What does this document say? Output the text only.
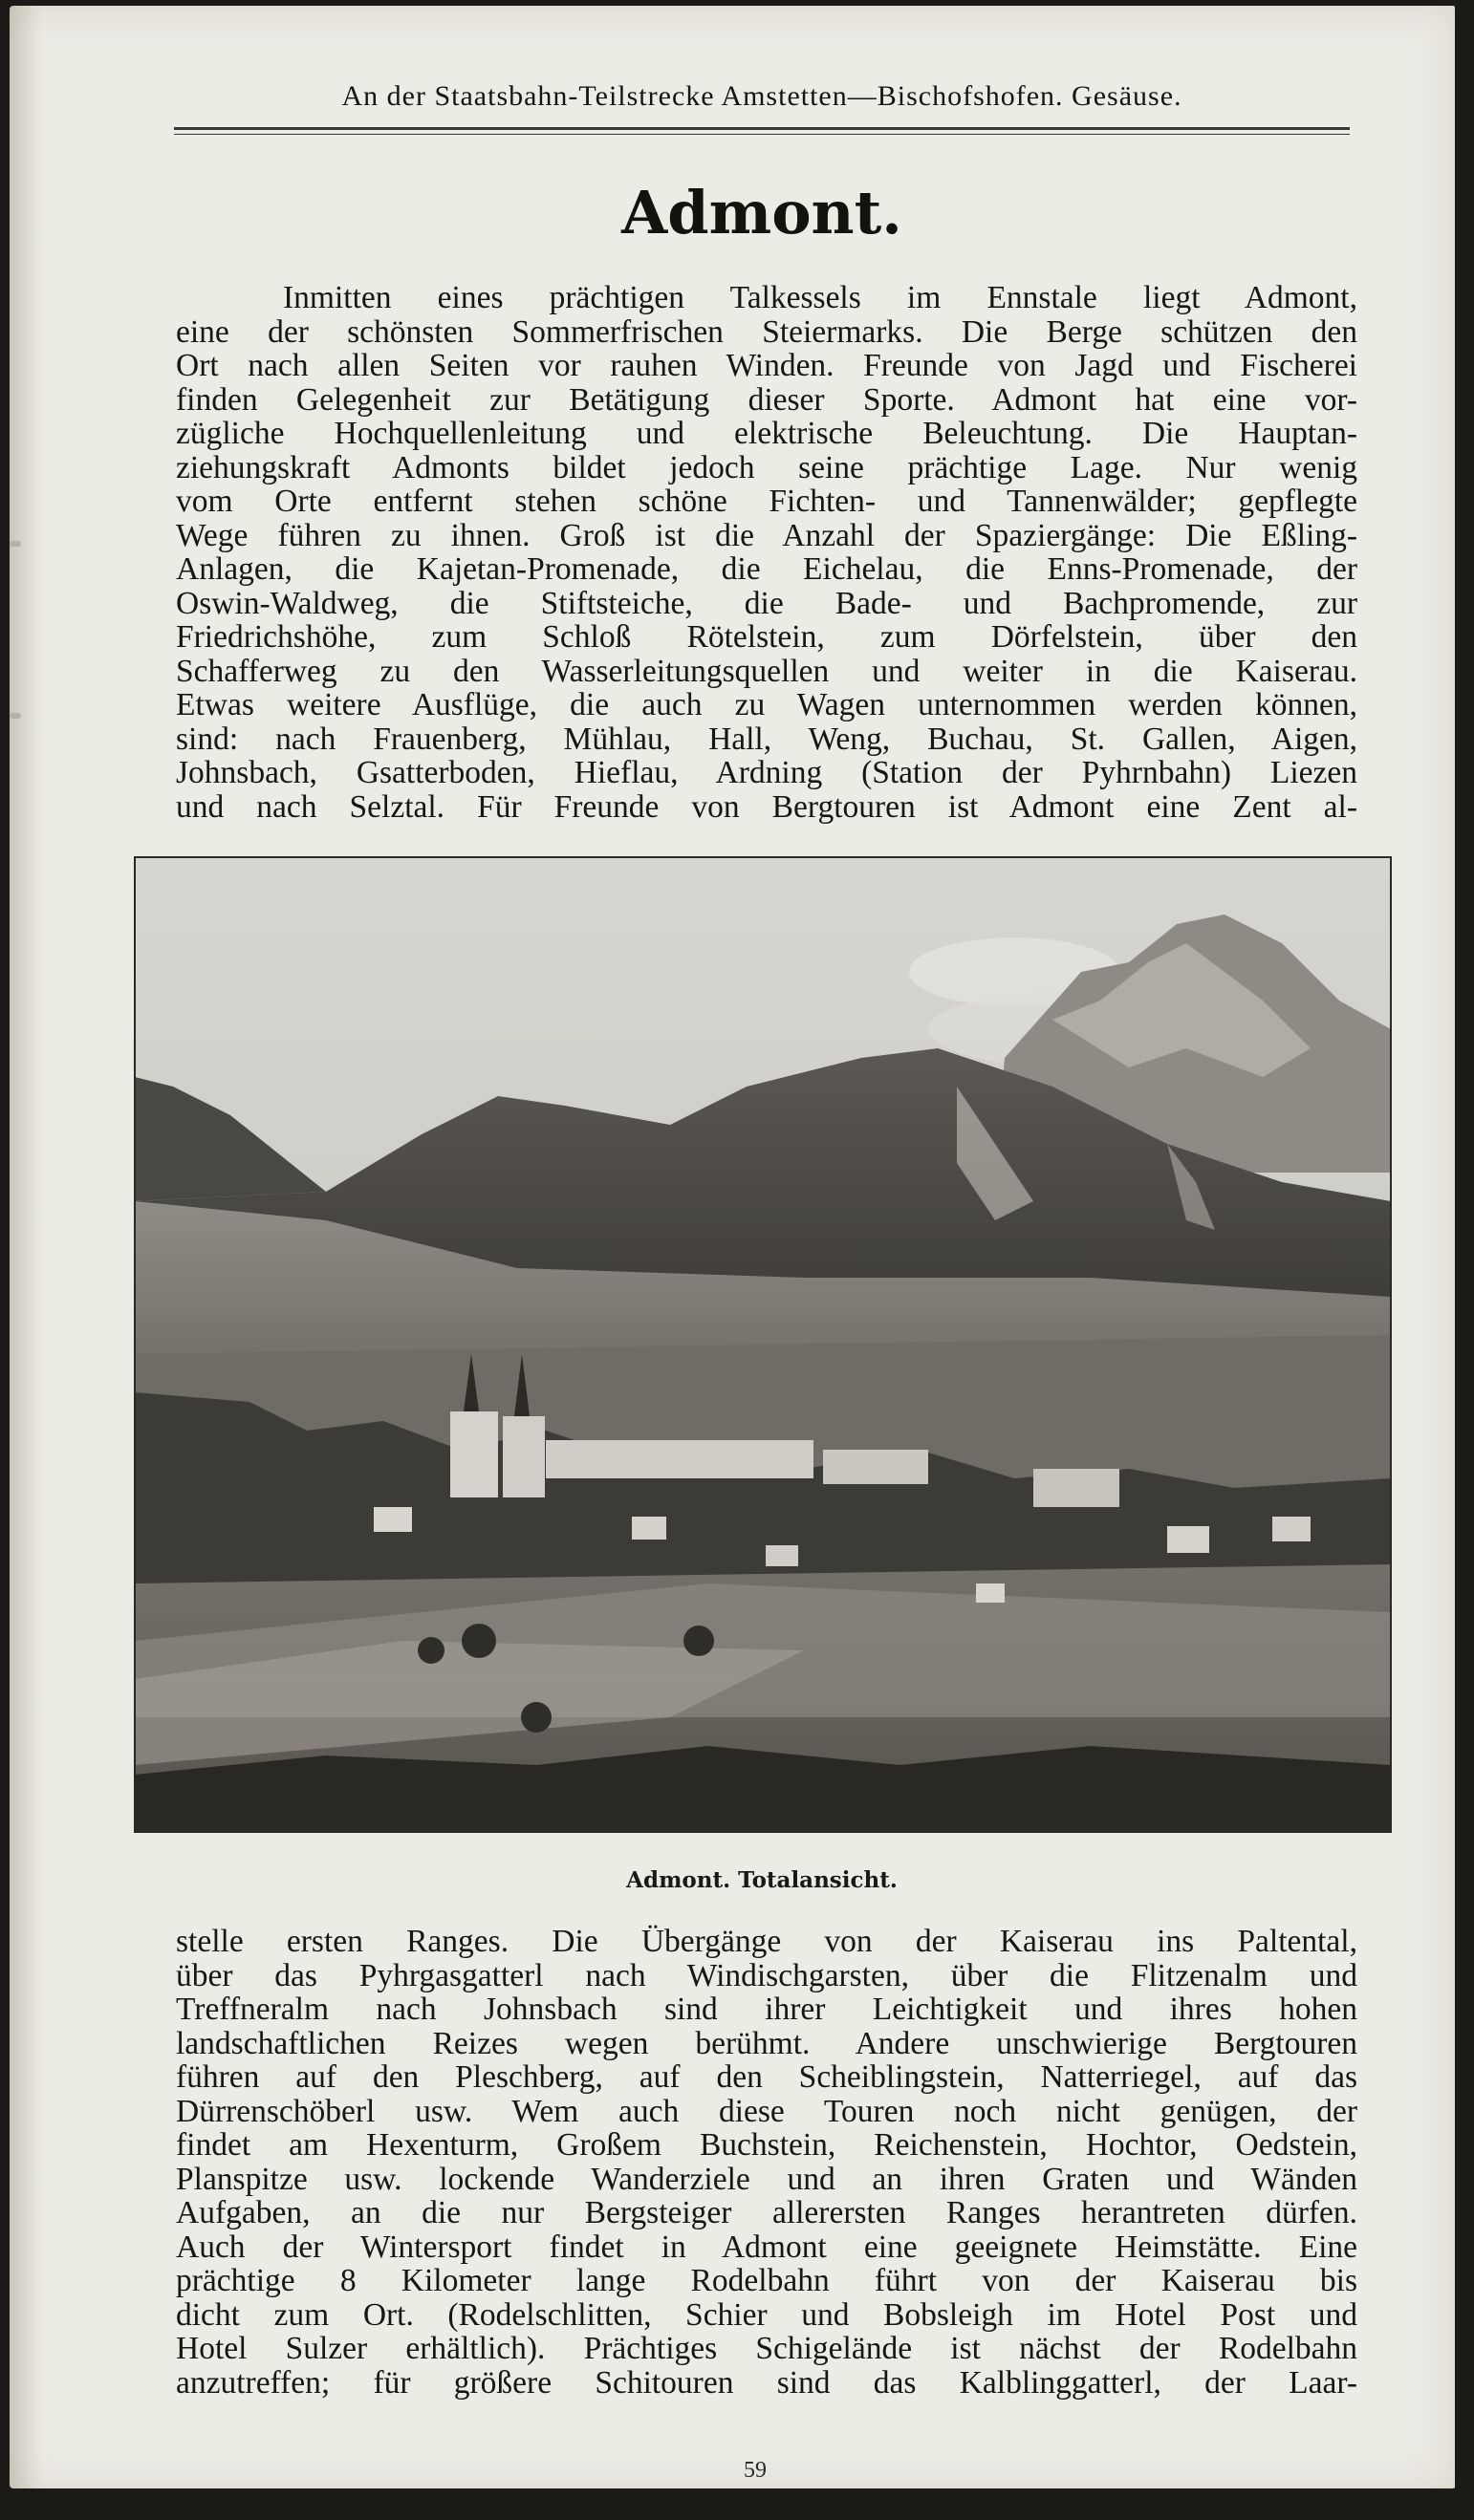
An der Staatsbahn-Teilstrecke Amstetten—Bischofshofen. Gesäuse.
Admont.
Inmitten eines prächtigen Talkessels im Ennstale liegt Admont,
eine der schönsten Sommerfrischen Steiermarks. Die Berge schützen den
Ort nach allen Seiten vor rauhen Winden. Freunde von Jagd und Fischerei
finden Gelegenheit zur Betätigung dieser Sporte. Admont hat eine vor-
zügliche Hochquellenleitung und elektrische Beleuchtung. Die Hauptan-
ziehungskraft Admonts bildet jedoch seine prächtige Lage. Nur wenig
vom Orte entfernt stehen schöne Fichten- und Tannenwälder; gepflegte
Wege führen zu ihnen. Groß ist die Anzahl der Spaziergänge: Die Eßling-
Anlagen, die Kajetan-Promenade, die Eichelau, die Enns-Promenade, der
Oswin-Waldweg, die Stiftsteiche, die Bade- und Bachpromende, zur
Friedrichshöhe, zum Schloß Rötelstein, zum Dörfelstein, über den
Schafferweg zu den Wasserleitungsquellen und weiter in die Kaiserau.
Etwas weitere Ausflüge, die auch zu Wagen unternommen werden können,
sind: nach Frauenberg, Mühlau, Hall, Weng, Buchau, St. Gallen, Aigen,
Johnsbach, Gsatterboden, Hieflau, Ardning (Station der Pyhrnbahn) Liezen
und nach Selztal. Für Freunde von Bergtouren ist Admont eine Zent al-
Admont. Totalansicht.
stelle ersten Ranges. Die Übergänge von der Kaiserau ins Paltental,
über das Pyhrgasgatterl nach Windischgarsten, über die Flitzenalm und
Treffneralm nach Johnsbach sind ihrer Leichtigkeit und ihres hohen
landschaftlichen Reizes wegen berühmt. Andere unschwierige Bergtouren
führen auf den Pleschberg, auf den Scheiblingstein, Natterriegel, auf das
Dürrenschöberl usw. Wem auch diese Touren noch nicht genügen, der
findet am Hexenturm, Großem Buchstein, Reichenstein, Hochtor, Oedstein,
Planspitze usw. lockende Wanderziele und an ihren Graten und Wänden
Aufgaben, an die nur Bergsteiger allerersten Ranges herantreten dürfen.
Auch der Wintersport findet in Admont eine geeignete Heimstätte. Eine
prächtige 8 Kilometer lange Rodelbahn führt von der Kaiserau bis
dicht zum Ort. (Rodelschlitten, Schier und Bobsleigh im Hotel Post und
Hotel Sulzer erhältlich). Prächtiges Schigelände ist nächst der Rodelbahn
anzutreffen; für größere Schitouren sind das Kalblinggatterl, der Laar-
59
